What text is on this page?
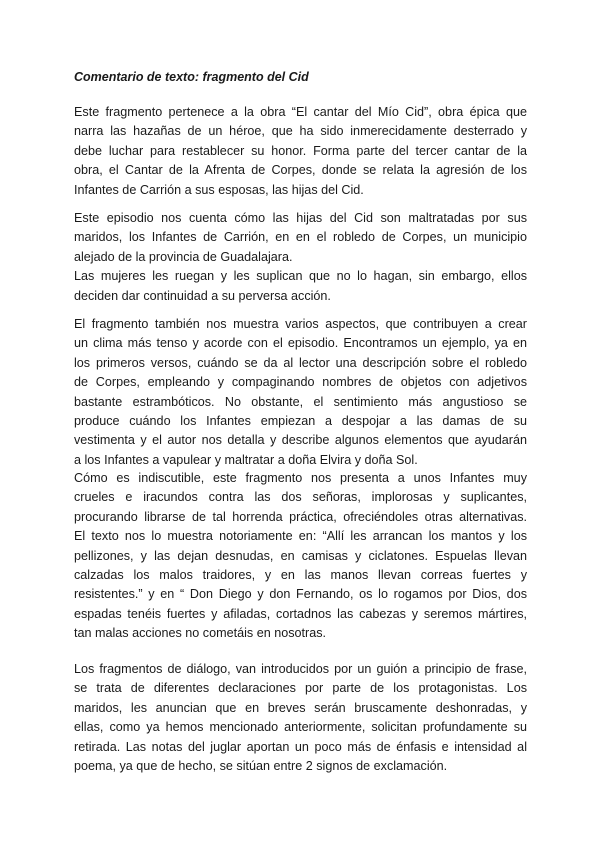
Comentario de texto: fragmento del Cid

Este fragmento pertenece a la obra “El cantar del Mío Cid”, obra épica que
narra las hazañas de un héroe, que ha sido inmerecidamente desterrado y
debe luchar para restablecer su honor. Forma parte del tercer cantar de la
obra, el Cantar de la Afrenta de Corpes, donde se relata la agresión de los
Infantes de Carrión a sus esposas, las hijas del Cid.

Este episodio nos cuenta cómo las hijas del Cid son maltratadas por sus
maridos, los Infantes de Carrión, en en el robledo de Corpes, un municipio
alejado de la provincia de Guadalajara.
Las mujeres les ruegan y les suplican que no lo hagan, sin embargo, ellos
deciden dar continuidad a su perversa acción.

El fragmento también nos muestra varios aspectos, que contribuyen a crear
un clima más tenso y acorde con el episodio. Encontramos un ejemplo, ya en
los primeros versos, cuándo se da al lector una descripción sobre el robledo
de Corpes, empleando y compaginando nombres de objetos con adjetivos
bastante estrambóticos. No obstante, el sentimiento más angustioso se
produce cuándo los Infantes empiezan a despojar a las damas de su
vestimenta y el autor nos detalla y describe algunos elementos que ayudarán
a los Infantes a vapulear y maltratar a doña Elvira y doña Sol.

Cómo es indiscutible, este fragmento nos presenta a unos Infantes muy
crueles e iracundos contra las dos señoras, implorosas y suplicantes,
procurando librarse de tal horrenda práctica, ofreciéndoles otras alternativas.
El texto nos lo muestra notoriamente en: “Allí les arrancan los mantos y los
pellizones, y las dejan desnudas, en camisas y ciclatones. Espuelas llevan
calzadas los malos traidores, y en las manos llevan correas fuertes y
resistentes.” y en “ Don Diego y don Fernando, os lo rogamos por Dios, dos
espadas tenéis fuertes y afiladas, cortadnos las cabezas y seremos mártires,
tan malas acciones no cometáis en nosotras.

Los fragmentos de diálogo, van introducidos por un guión a principio de frase,
se trata de diferentes declaraciones por parte de los protagonistas. Los
maridos, les anuncian que en breves serán bruscamente deshonradas, y
ellas, como ya hemos mencionado anteriormente, solicitan profundamente su
retirada. Las notas del juglar aportan un poco más de énfasis e intensidad al
poema, ya que de hecho, se sitúan entre 2 signos de exclamación.
